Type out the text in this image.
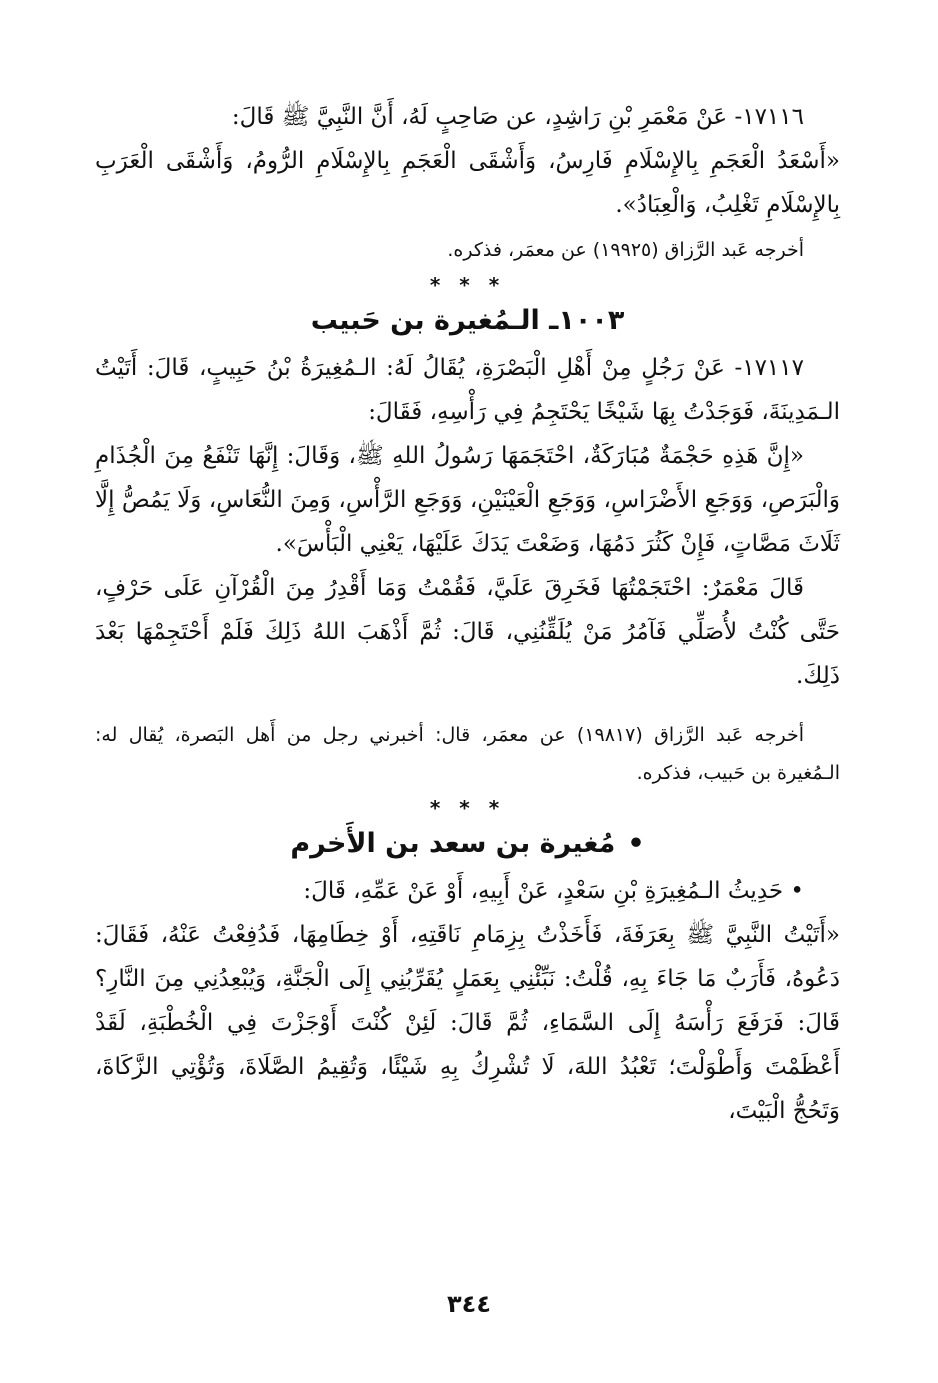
١٧١١٦- عَنْ مَعْمَرِ بْنِ رَاشِدٍ، عن صَاحِبٍ لَهُ، أَنَّ النَّبِيَّ ﷺ قَالَ:

«أَسْعَدُ الْعَجَمِ بِالإِسْلَامِ فَارِسُ، وَأَشْقَى الْعَجَمِ بِالإِسْلَامِ الرُّومُ، وَأَشْقَى الْعَرَبِ بِالإِسْلَامِ تَغْلِبُ، وَالْعِبَادُ».

أخرجه عَبد الرَّزاق (١٩٩٢٥) عن معمَر، فذكره.

* * *
١٠٠٣ـ الـمُغيرة بن حَبيب

١٧١١٧- عَنْ رَجُلٍ مِنْ أَهْلِ الْبَصْرَةِ، يُقَالُ لَهُ: الـمُغِيرَةُ بْنُ حَبِيبٍ، قَالَ: أَتَيْتُ الـمَدِينَةَ، فَوَجَدْتُ بِهَا شَيْخًا يَحْتَجِمُ فِي رَأْسِهِ، فَقَالَ:

«إِنَّ هَذِهِ حَجْمَةٌ مُبَارَكَةٌ، احْتَجَمَهَا رَسُولُ اللهِ ﷺ، وَقَالَ: إِنَّهَا تَنْفَعُ مِنَ الْجُذَامِ وَالْبَرَصِ، وَوَجَعِ الأَضْرَاسِ، وَوَجَعِ الْعَيْنَيْنِ، وَوَجَعِ الرَّأْسِ، وَمِنَ النُّعَاسِ، وَلَا يَمُصُّ إِلَّا ثَلَاثَ مَصَّاتٍ، فَإِنْ كَثُرَ دَمُهَا، وَضَعْتَ يَدَكَ عَلَيْهَا، يَعْنِي الْبَأْسَ».

قَالَ مَعْمَرٌ: احْتَجَمْتُهَا فَخَرِقَ عَلَيَّ، فَقُمْتُ وَمَا أَقْدِرُ مِنَ الْقُرْآنِ عَلَى حَرْفٍ، حَتَّى كُنْتُ لأُصَلِّي فَآمُرُ مَنْ يُلَقِّنُنِي، قَالَ: ثُمَّ أَذْهَبَ اللهُ ذَلِكَ فَلَمْ أَحْتَجِمْهَا بَعْدَ ذَلِكَ.

أخرجه عَبد الرَّزاق (١٩٨١٧) عن معمَر، قال: أخبرني رجل من أَهل البَصرة، يُقال له: الـمُغيرة بن حَبيب، فذكره.

* * *
•مُغيرة بن سعد بن الأَخرم

• حَدِيثُ الـمُغِيرَةِ بْنِ سَعْدٍ، عَنْ أَبِيهِ، أَوْ عَنْ عَمِّهِ، قَالَ:

«أَتَيْتُ النَّبِيَّ ﷺ بِعَرَفَةَ، فَأَخَذْتُ بِزِمَامِ نَاقَتِهِ، أَوْ خِطَامِهَا، فَدُفِعْتُ عَنْهُ، فَقَالَ: دَعُوهُ، فَأَرَبٌ مَا جَاءَ بِهِ، قُلْتُ: نَبِّئْنِي بِعَمَلٍ يُقَرِّبُنِي إِلَى الْجَنَّةِ، وَيُبْعِدُنِي مِنَ النَّارِ؟ قَالَ: فَرَفَعَ رَأْسَهُ إِلَى السَّمَاءِ، ثُمَّ قَالَ: لَئِنْ كُنْتَ أَوْجَزْتَ فِي الْخُطْبَةِ، لَقَدْ أَعْظَمْتَ وَأَطْوَلْتَ؛ تَعْبُدُ اللهَ، لَا تُشْرِكُ بِهِ شَيْئًا، وَتُقِيمُ الصَّلَاةَ، وَتُؤْتِي الزَّكَاةَ، وَتَحُجُّ الْبَيْتَ،

٣٤٤
